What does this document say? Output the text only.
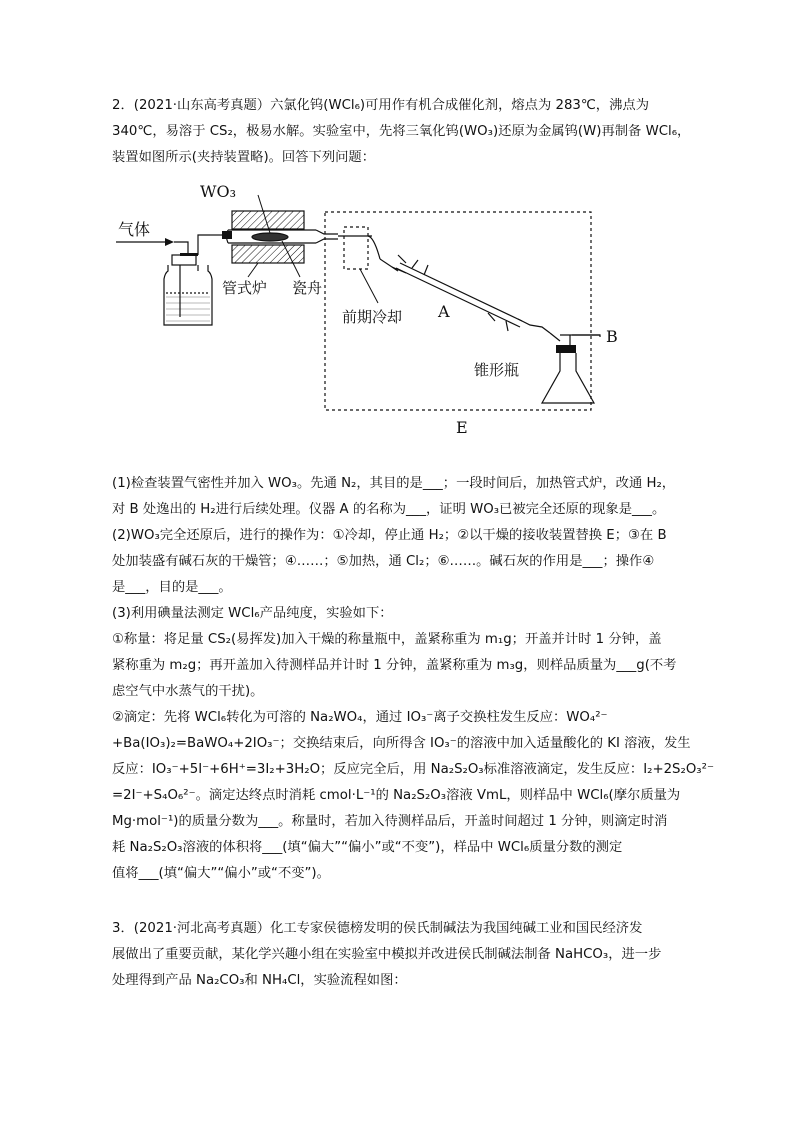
2．(2021·山东高考真题）六氯化钨(WCl₆)可用作有机合成催化剂，熔点为 283℃，沸点为
340℃，易溶于 CS₂，极易水解。实验室中，先将三氧化钨(WO₃)还原为金属钨(W)再制备 WCl₆，
装置如图所示(夹持装置略)。回答下列问题：
气体
WO₃
管式炉 瓷舟
前期冷却 A
B
锥形瓶
E
(1)检查装置气密性并加入 WO₃。先通 N₂，其目的是___；一段时间后，加热管式炉，改通 H₂，
对 B 处逸出的 H₂进行后续处理。仪器 A 的名称为___，证明 WO₃已被完全还原的现象是___。
(2)WO₃完全还原后，进行的操作为：①冷却，停止通 H₂；②以干燥的接收装置替换 E；③在 B
处加装盛有碱石灰的干燥管；④……；⑤加热，通 Cl₂；⑥……。碱石灰的作用是___；操作④
是___，目的是___。
(3)利用碘量法测定 WCl₆产品纯度，实验如下：
①称量：将足量 CS₂(易挥发)加入干燥的称量瓶中，盖紧称重为 m₁g；开盖并计时 1 分钟，盖
紧称重为 m₂g；再开盖加入待测样品并计时 1 分钟，盖紧称重为 m₃g，则样品质量为___g(不考
虑空气中水蒸气的干扰)。
②滴定：先将 WCl₆转化为可溶的 Na₂WO₄，通过 IO₃⁻离子交换柱发生反应：WO₄²⁻
+Ba(IO₃)₂=BaWO₄+2IO₃⁻；交换结束后，向所得含 IO₃⁻的溶液中加入适量酸化的 KI 溶液，发生
反应：IO₃⁻+5I⁻+6H⁺=3I₂+3H₂O；反应完全后，用 Na₂S₂O₃标准溶液滴定，发生反应：I₂+2S₂O₃²⁻
=2I⁻+S₄O₆²⁻。滴定达终点时消耗 cmol·L⁻¹的 Na₂S₂O₃溶液 VmL，则样品中 WCl₆(摩尔质量为
Mg·mol⁻¹)的质量分数为___。称量时，若加入待测样品后，开盖时间超过 1 分钟，则滴定时消
耗 Na₂S₂O₃溶液的体积将___(填“偏大”“偏小”或“不变”)，样品中 WCl₆质量分数的测定
值将___(填“偏大”“偏小”或“不变”)。
3．(2021·河北高考真题）化工专家侯德榜发明的侯氏制碱法为我国纯碱工业和国民经济发
展做出了重要贡献，某化学兴趣小组在实验室中模拟并改进侯氏制碱法制备 NaHCO₃，进一步
处理得到产品 Na₂CO₃和 NH₄Cl，实验流程如图：
